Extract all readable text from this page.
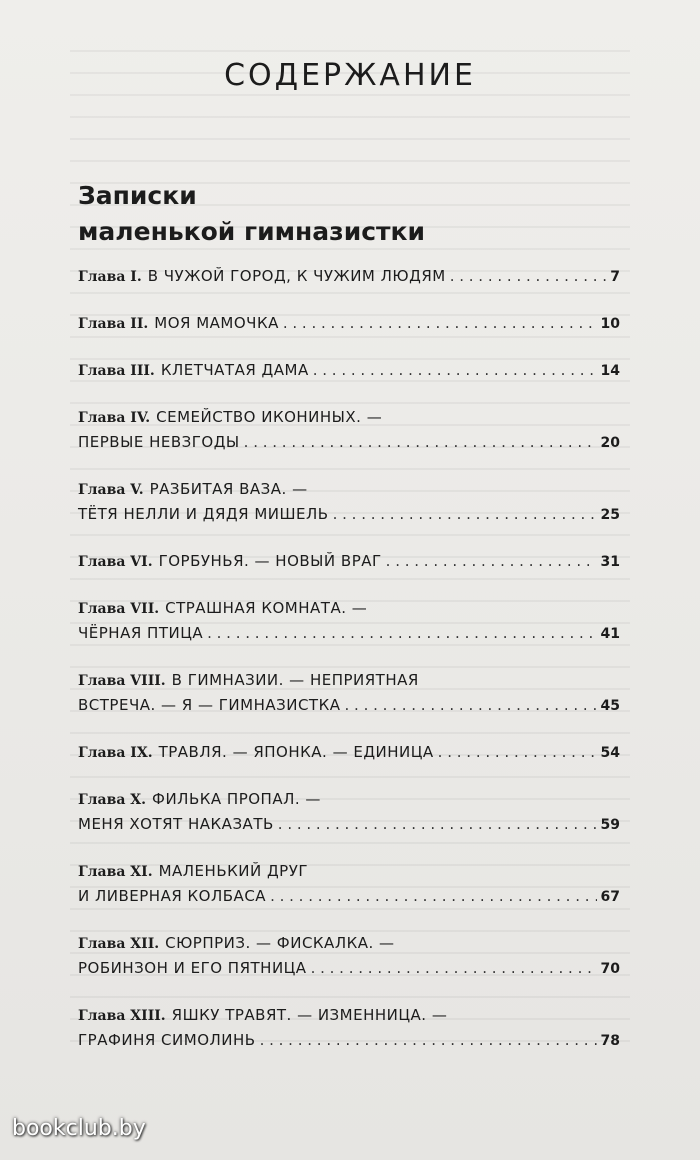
СОДЕРЖАНИЕ
Записки
маленькой гимназистки
Глава I. В ЧУЖОЙ ГОРОД, К ЧУЖИМ ЛЮДЯМ . . .	7
Глава II. МОЯ МАМОЧКА . . .	10
Глава III. КЛЕТЧАТАЯ ДАМА . . .	14
Глава IV. СЕМЕЙСТВО ИКОНИНЫХ. —
ПЕРВЫЕ НЕВЗГОДЫ . . .	20
Глава V. РАЗБИТАЯ ВАЗА. —
ТЁТЯ НЕЛЛИ И ДЯДЯ МИШЕЛЬ . . .	25
Глава VI. ГОРБУНЬЯ. — НОВЫЙ ВРАГ . . .	31
Глава VII. СТРАШНАЯ КОМНАТА. —
ЧЁРНАЯ ПТИЦА . . .	41
Глава VIII. В ГИМНАЗИИ. — НЕПРИЯТНАЯ
ВСТРЕЧА. — Я — ГИМНАЗИСТКА . . .	45
Глава IX. ТРАВЛЯ. — ЯПОНКА. — ЕДИНИЦА . . .	54
Глава X. ФИЛЬКА ПРОПАЛ. —
МЕНЯ ХОТЯТ НАКАЗАТЬ . . .	59
Глава XI. МАЛЕНЬКИЙ ДРУГ
И ЛИВЕРНАЯ КОЛБАСА . . .	67
Глава XII. СЮРПРИЗ. — ФИСКАЛКА. —
РОБИНЗОН И ЕГО ПЯТНИЦА . . .	70
Глава XIII. ЯШКУ ТРАВЯТ. — ИЗМЕННИЦА. —
ГРАФИНЯ СИМОЛИНЬ . . .	78
bookclub.by
